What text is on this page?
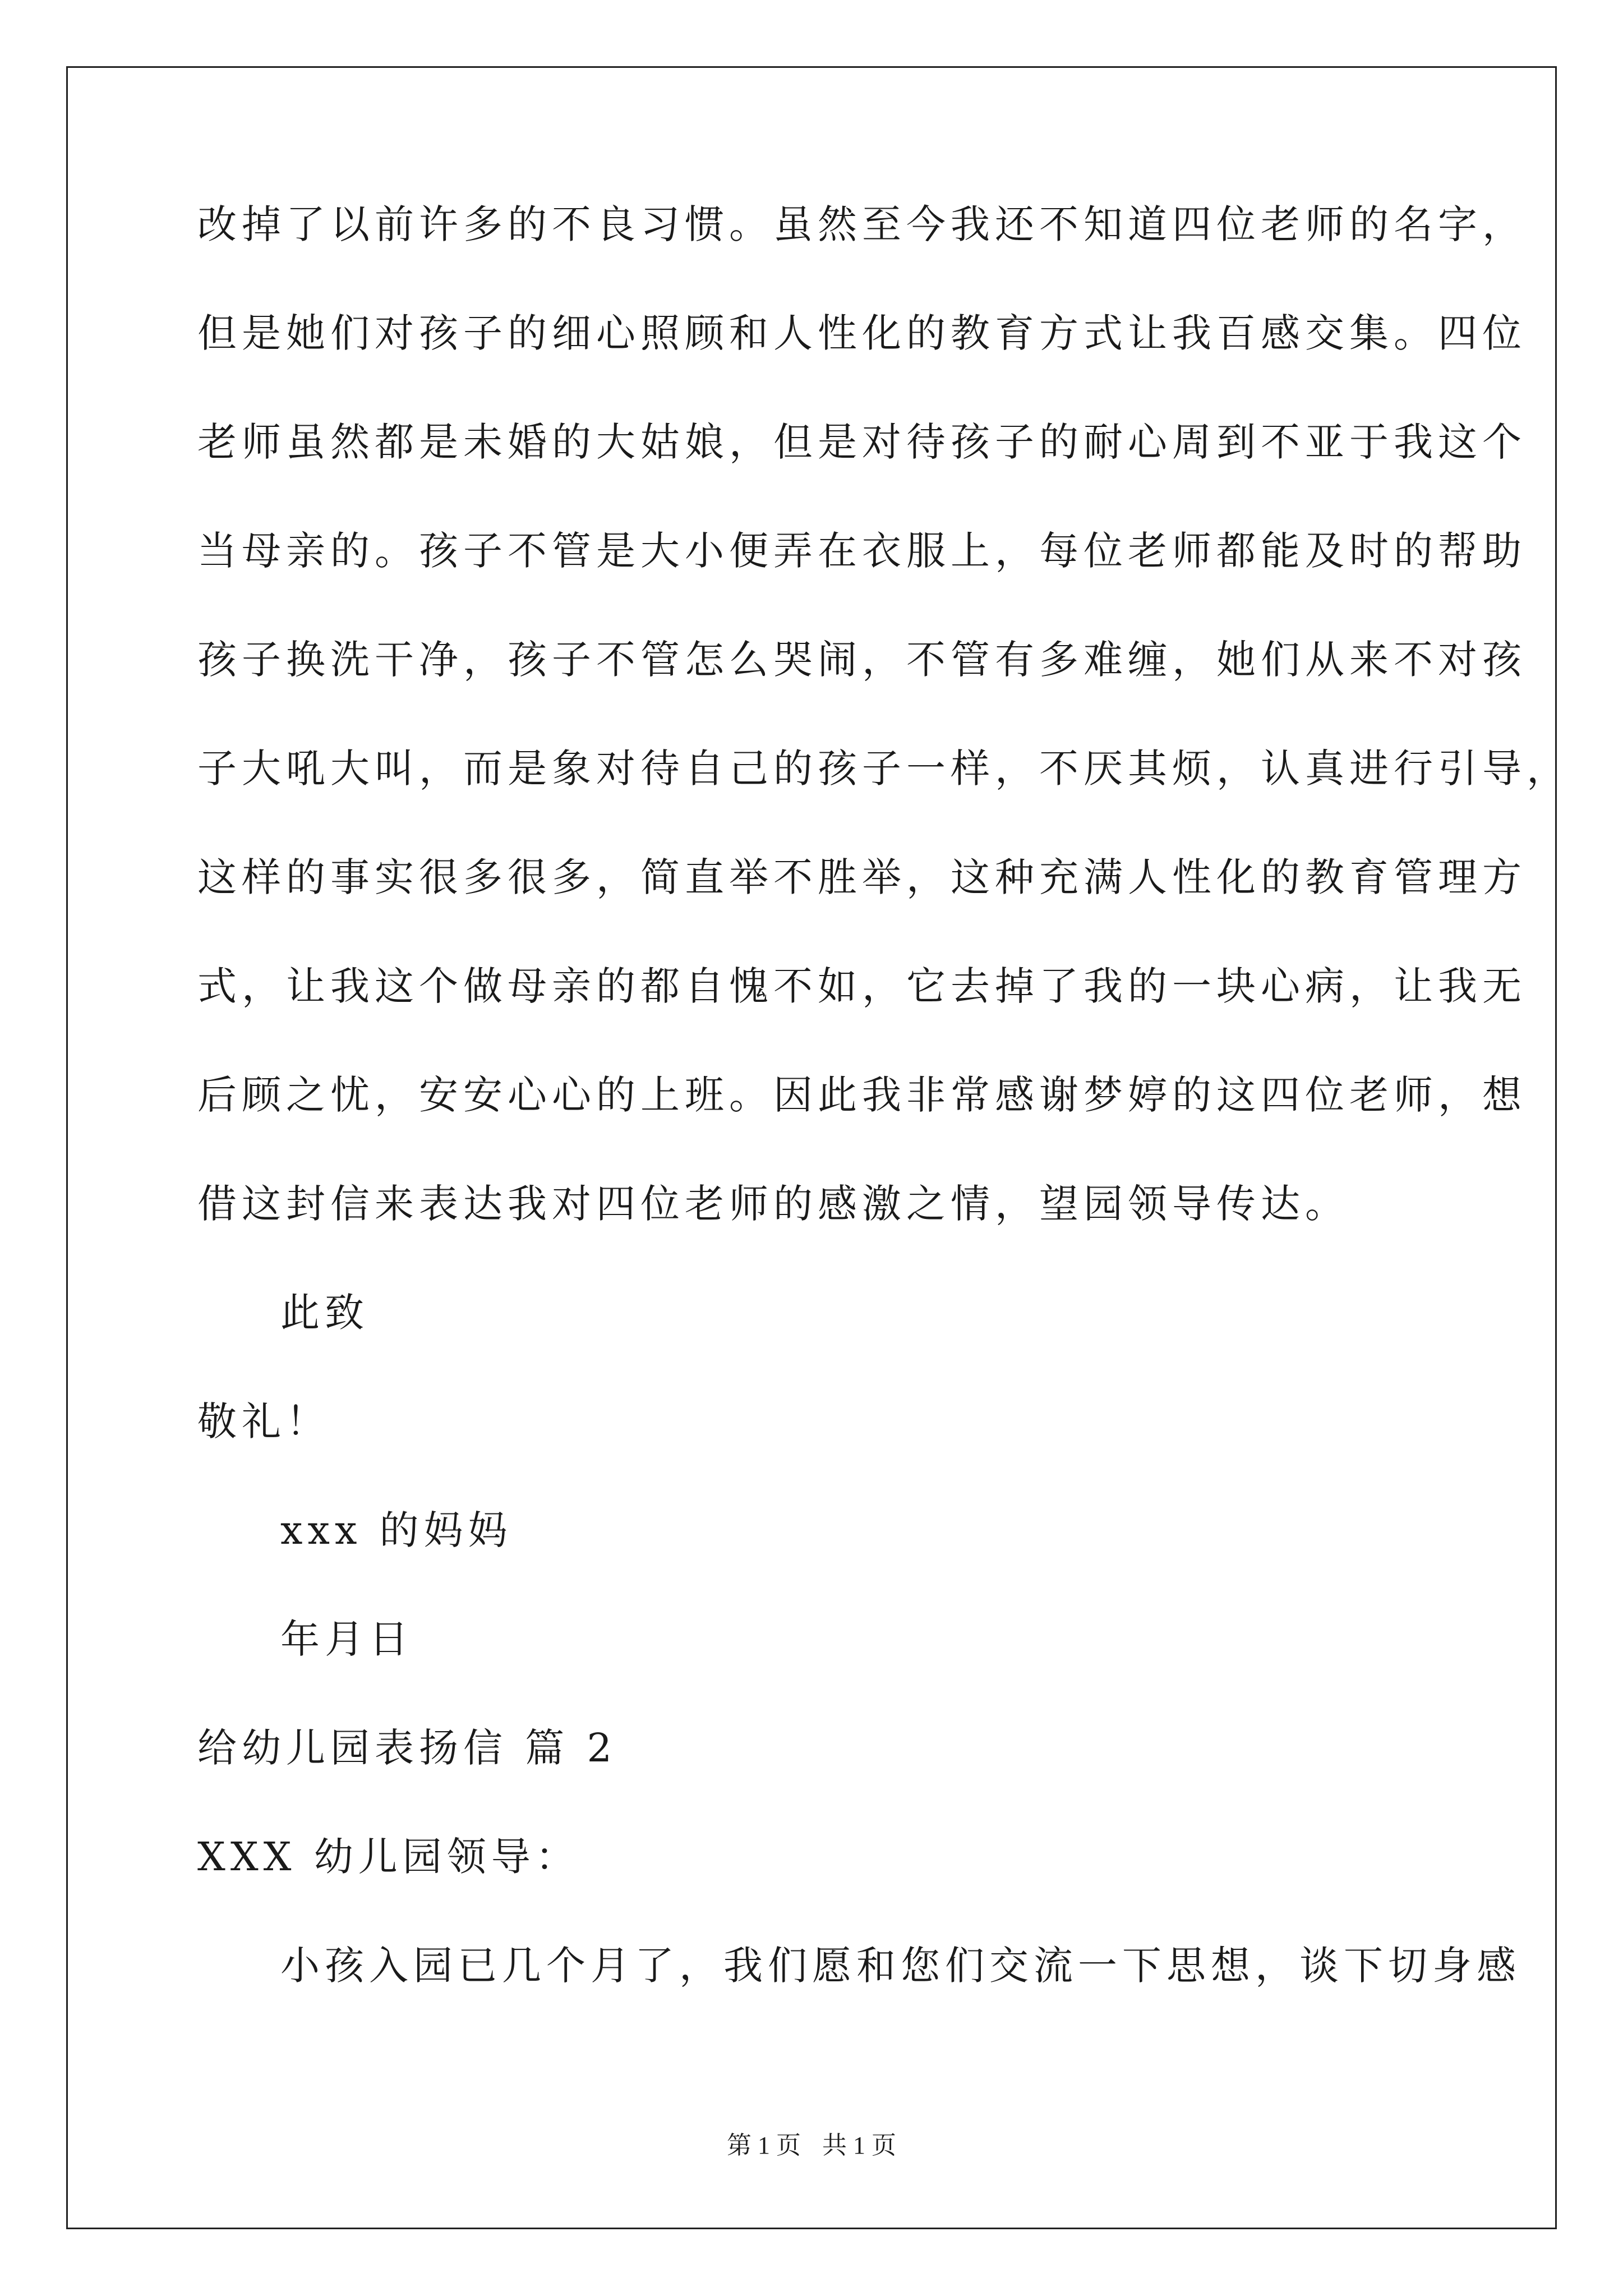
改掉了以前许多的不良习惯。虽然至今我还不知道四位老师的名字，
但是她们对孩子的细心照顾和人性化的教育方式让我百感交集。四位
老师虽然都是未婚的大姑娘，但是对待孩子的耐心周到不亚于我这个
当母亲的。孩子不管是大小便弄在衣服上，每位老师都能及时的帮助
孩子换洗干净，孩子不管怎么哭闹，不管有多难缠，她们从来不对孩
子大吼大叫，而是象对待自己的孩子一样，不厌其烦，认真进行引导，
这样的事实很多很多，简直举不胜举，这种充满人性化的教育管理方
式，让我这个做母亲的都自愧不如，它去掉了我的一块心病，让我无
后顾之忧，安安心心的上班。因此我非常感谢梦婷的这四位老师，想
借这封信来表达我对四位老师的感激之情，望园领导传达。
此致
敬礼！
xxx 的妈妈
年月日
给幼儿园表扬信 篇 2
XXX 幼儿园领导：
小孩入园已几个月了，我们愿和您们交流一下思想，谈下切身感
第 1 页 共 1 页
